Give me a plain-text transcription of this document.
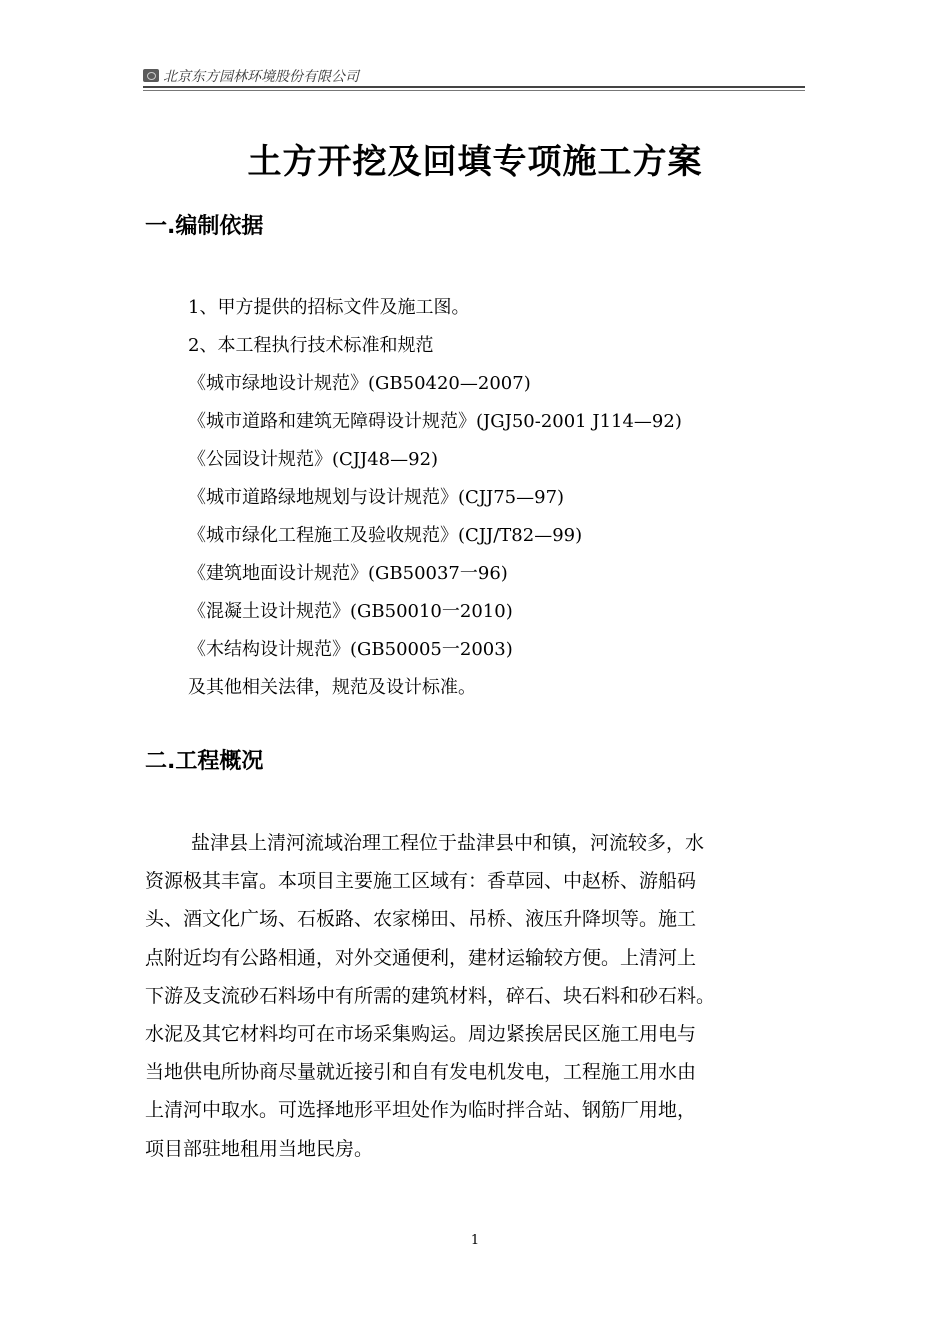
北京东方园林环境股份有限公司
土方开挖及回填专项施工方案
一.编制依据
1、甲方提供的招标文件及施工图。
2、本工程执行技术标准和规范
《城市绿地设计规范》(GB50420—2007)
《城市道路和建筑无障碍设计规范》(JGJ50-2001 J114—92)
《公园设计规范》(CJJ48—92)
《城市道路绿地规划与设计规范》(CJJ75—97)
《城市绿化工程施工及验收规范》(CJJ/T82—99)
《建筑地面设计规范》(GB50037一96)
《混凝土设计规范》(GB50010一2010)
《木结构设计规范》(GB50005一2003)
及其他相关法律，规范及设计标准。
二.工程概况
盐津县上清河流域治理工程位于盐津县中和镇，河流较多，水
资源极其丰富。本项目主要施工区域有：香草园、中赵桥、游船码
头、酒文化广场、石板路、农家梯田、吊桥、液压升降坝等。施工
点附近均有公路相通，对外交通便利，建材运输较方便。上清河上
下游及支流砂石料场中有所需的建筑材料，碎石、块石料和砂石料。
水泥及其它材料均可在市场采集购运。周边紧挨居民区施工用电与
当地供电所协商尽量就近接引和自有发电机发电，工程施工用水由
上清河中取水。可选择地形平坦处作为临时拌合站、钢筋厂用地，
项目部驻地租用当地民房。
1
